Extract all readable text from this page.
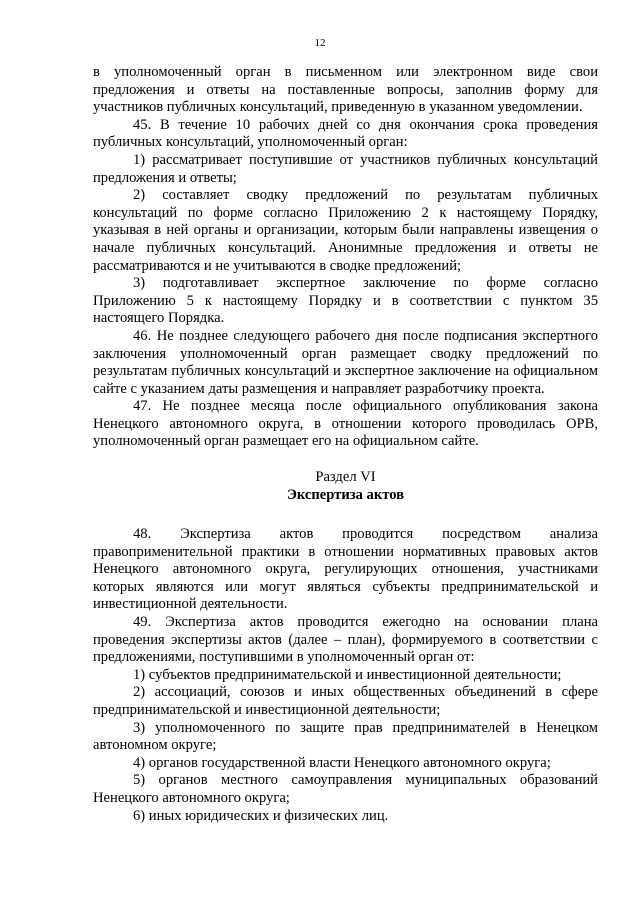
12

в уполномоченный орган в письменном или электронном виде свои предложения и ответы на поставленные вопросы, заполнив форму для участников публичных консультаций, приведенную в указанном уведомлении.

45. В течение 10 рабочих дней со дня окончания срока проведения публичных консультаций, уполномоченный орган:

1) рассматривает поступившие от участников публичных консультаций предложения и ответы;

2) составляет сводку предложений по результатам публичных консультаций по форме согласно Приложению 2 к настоящему Порядку, указывая в ней органы и организации, которым были направлены извещения о начале публичных консультаций. Анонимные предложения и ответы не рассматриваются и не учитываются в сводке предложений;

3) подготавливает экспертное заключение по форме согласно Приложению 5 к настоящему Порядку и в соответствии с пунктом 35 настоящего Порядка.

46. Не позднее следующего рабочего дня после подписания экспертного заключения уполномоченный орган размещает сводку предложений по результатам публичных консультаций и экспертное заключение на официальном сайте с указанием даты размещения и направляет разработчику проекта.

47. Не позднее месяца после официального опубликования закона Ненецкого автономного округа, в отношении которого проводилась ОРВ, уполномоченный орган размещает его на официальном сайте.

Раздел VI
Экспертиза актов

48. Экспертиза актов проводится посредством анализа правоприменительной практики в отношении нормативных правовых актов Ненецкого автономного округа, регулирующих отношения, участниками которых являются или могут являться субъекты предпринимательской и инвестиционной деятельности.

49. Экспертиза актов проводится ежегодно на основании плана проведения экспертизы актов (далее – план), формируемого в соответствии с предложениями, поступившими в уполномоченный орган от:

1) субъектов предпринимательской и инвестиционной деятельности;

2) ассоциаций, союзов и иных общественных объединений в сфере предпринимательской и инвестиционной деятельности;

3) уполномоченного по защите прав предпринимателей в Ненецком автономном округе;

4) органов государственной власти Ненецкого автономного округа;

5) органов местного самоуправления муниципальных образований Ненецкого автономного округа;

6) иных юридических и физических лиц.
